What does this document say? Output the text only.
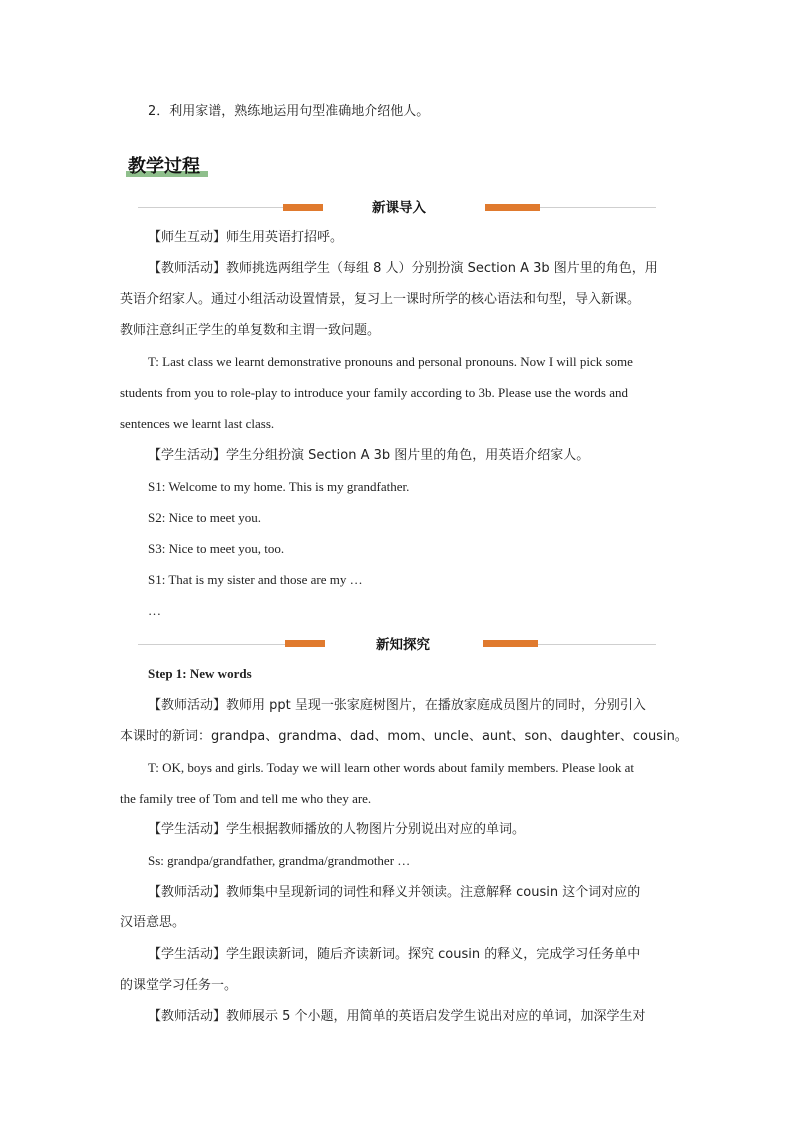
2．利用家谱，熟练地运用句型准确地介绍他人。
教学过程
新课导入
【师生互动】师生用英语打招呼。
【教师活动】教师挑选两组学生（每组 8 人）分别扮演 Section A 3b 图片里的角色，用
英语介绍家人。通过小组活动设置情景，复习上一课时所学的核心语法和句型，导入新课。
教师注意纠正学生的单复数和主谓一致问题。
T: Last class we learnt demonstrative pronouns and personal pronouns. Now I will pick some
students from you to role-play to introduce your family according to 3b. Please use the words and
sentences we learnt last class.
【学生活动】学生分组扮演 Section A 3b 图片里的角色，用英语介绍家人。
S1: Welcome to my home. This is my grandfather.
S2: Nice to meet you.
S3: Nice to meet you, too.
S1: That is my sister and those are my …
…
新知探究
Step 1: New words
【教师活动】教师用 ppt 呈现一张家庭树图片，在播放家庭成员图片的同时，分别引入
本课时的新词：grandpa、grandma、dad、mom、uncle、aunt、son、daughter、cousin。
T: OK, boys and girls. Today we will learn other words about family members. Please look at
the family tree of Tom and tell me who they are.
【学生活动】学生根据教师播放的人物图片分别说出对应的单词。
Ss: grandpa/grandfather, grandma/grandmother …
【教师活动】教师集中呈现新词的词性和释义并领读。注意解释 cousin 这个词对应的
汉语意思。
【学生活动】学生跟读新词，随后齐读新词。探究 cousin 的释义，完成学习任务单中
的课堂学习任务一。
【教师活动】教师展示 5 个小题，用简单的英语启发学生说出对应的单词，加深学生对
